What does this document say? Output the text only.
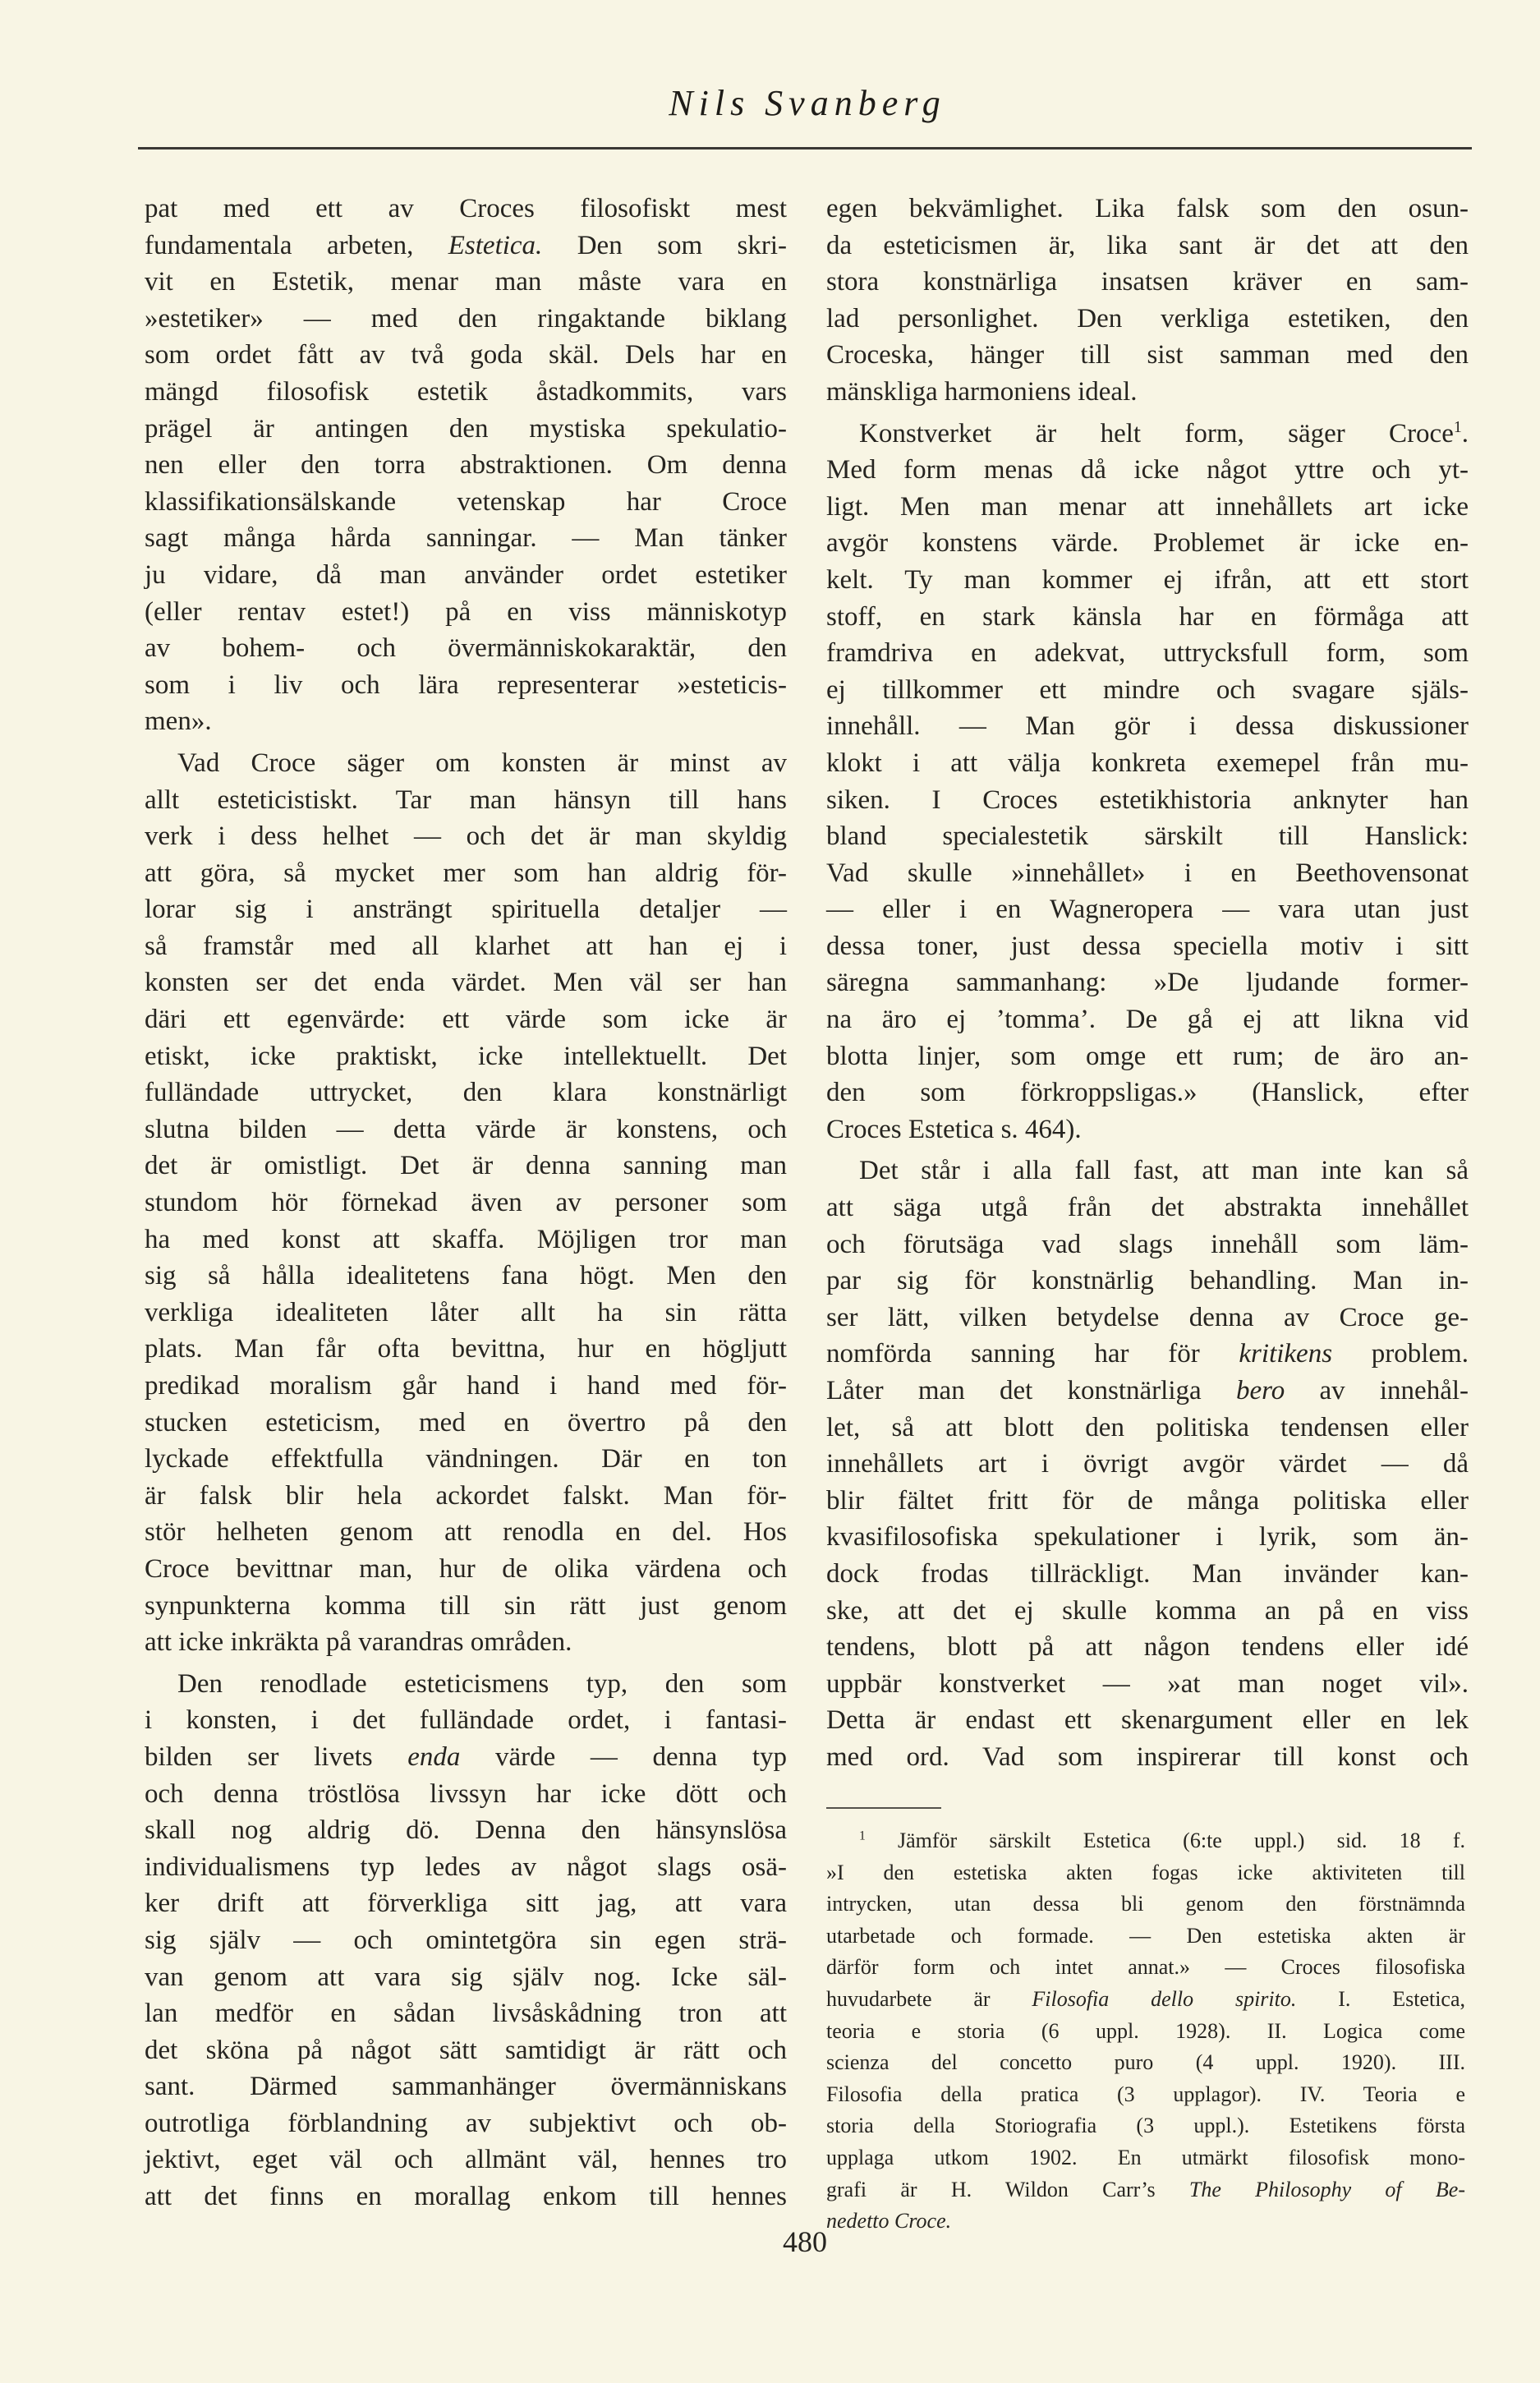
Nils Svanberg
pat med ett av Croces filosofiskt mest
fundamentala arbeten, Estetica. Den som skri-
vit en Estetik, menar man måste vara en
»estetiker» — med den ringaktande biklang
som ordet fått av två goda skäl. Dels har en
mängd filosofisk estetik åstadkommits, vars
prägel är antingen den mystiska spekulatio-
nen eller den torra abstraktionen. Om denna
klassifikationsälskande vetenskap har Croce
sagt många hårda sanningar. — Man tänker
ju vidare, då man använder ordet estetiker
(eller rentav estet!) på en viss människotyp
av bohem- och övermänniskokaraktär, den
som i liv och lära representerar »esteticis-
men».
Vad Croce säger om konsten är minst av
allt esteticistiskt. Tar man hänsyn till hans
verk i dess helhet — och det är man skyldig
att göra, så mycket mer som han aldrig för-
lorar sig i ansträngt spirituella detaljer —
så framstår med all klarhet att han ej i
konsten ser det enda värdet. Men väl ser han
däri ett egenvärde: ett värde som icke är
etiskt, icke praktiskt, icke intellektuellt. Det
fulländade uttrycket, den klara konstnärligt
slutna bilden — detta värde är konstens, och
det är omistligt. Det är denna sanning man
stundom hör förnekad även av personer som
ha med konst att skaffa. Möjligen tror man
sig så hålla idealitetens fana högt. Men den
verkliga idealiteten låter allt ha sin rätta
plats. Man får ofta bevittna, hur en högljutt
predikad moralism går hand i hand med för-
stucken esteticism, med en övertro på den
lyckade effektfulla vändningen. Där en ton
är falsk blir hela ackordet falskt. Man för-
stör helheten genom att renodla en del. Hos
Croce bevittnar man, hur de olika värdena och
synpunkterna komma till sin rätt just genom
att icke inkräkta på varandras områden.
Den renodlade esteticismens typ, den som
i konsten, i det fulländade ordet, i fantasi-
bilden ser livets enda värde — denna typ
och denna tröstlösa livssyn har icke dött och
skall nog aldrig dö. Denna den hänsynslösa
individualismens typ ledes av något slags osä-
ker drift att förverkliga sitt jag, att vara
sig själv — och omintetgöra sin egen strä-
van genom att vara sig själv nog. Icke säl-
lan medför en sådan livsåskådning tron att
det sköna på något sätt samtidigt är rätt och
sant. Därmed sammanhänger övermänniskans
outrotliga förblandning av subjektivt och ob-
jektivt, eget väl och allmänt väl, hennes tro
att det finns en morallag enkom till hennes
egen bekvämlighet. Lika falsk som den osun-
da esteticismen är, lika sant är det att den
stora konstnärliga insatsen kräver en sam-
lad personlighet. Den verkliga estetiken, den
Croceska, hänger till sist samman med den
mänskliga harmoniens ideal.
Konstverket är helt form, säger Croce$^1$.
Med form menas då icke något yttre och yt-
ligt. Men man menar att innehållets art icke
avgör konstens värde. Problemet är icke en-
kelt. Ty man kommer ej ifrån, att ett stort
stoff, en stark känsla har en förmåga att
framdriva en adekvat, uttrycksfull form, som
ej tillkommer ett mindre och svagare själs-
innehåll. — Man gör i dessa diskussioner
klokt i att välja konkreta exemepel från mu-
siken. I Croces estetikhistoria anknyter han
bland specialestetik särskilt till Hanslick:
Vad skulle »innehållet» i en Beethovensonat
— eller i en Wagneropera — vara utan just
dessa toner, just dessa speciella motiv i sitt
säregna sammanhang: »De ljudande former-
na äro ej ’tomma’. De gå ej att likna vid
blotta linjer, som omge ett rum; de äro an-
den som förkroppsligas.» (Hanslick, efter
Croces Estetica s. 464).
Det står i alla fall fast, att man inte kan så
att säga utgå från det abstrakta innehållet
och förutsäga vad slags innehåll som läm-
par sig för konstnärlig behandling. Man in-
ser lätt, vilken betydelse denna av Croce ge-
nomförda sanning har för kritikens problem.
Låter man det konstnärliga bero av innehål-
let, så att blott den politiska tendensen eller
innehållets art i övrigt avgör värdet — då
blir fältet fritt för de många politiska eller
kvasifilosofiska spekulationer i lyrik, som än-
dock frodas tillräckligt. Man invänder kan-
ske, att det ej skulle komma an på en viss
tendens, blott på att någon tendens eller idé
uppbär konstverket — »at man noget vil».
Detta är endast ett skenargument eller en lek
med ord. Vad som inspirerar till konst och
$^1$ Jämför särskilt Estetica (6:te uppl.) sid. 18 f.
»I den estetiska akten fogas icke aktiviteten till
intrycken, utan dessa bli genom den förstnämnda
utarbetade och formade. — Den estetiska akten är
därför form och intet annat.» — Croces filosofiska
huvudarbete är Filosofia dello spirito. I. Estetica,
teoria e storia (6 uppl. 1928). II. Logica come
scienza del concetto puro (4 uppl. 1920). III.
Filosofia della pratica (3 upplagor). IV. Teoria e
storia della Storiografia (3 uppl.). Estetikens första
upplaga utkom 1902. En utmärkt filosofisk mono-
grafi är H. Wildon Carr’s The Philosophy of Be-
nedetto Croce.
480
